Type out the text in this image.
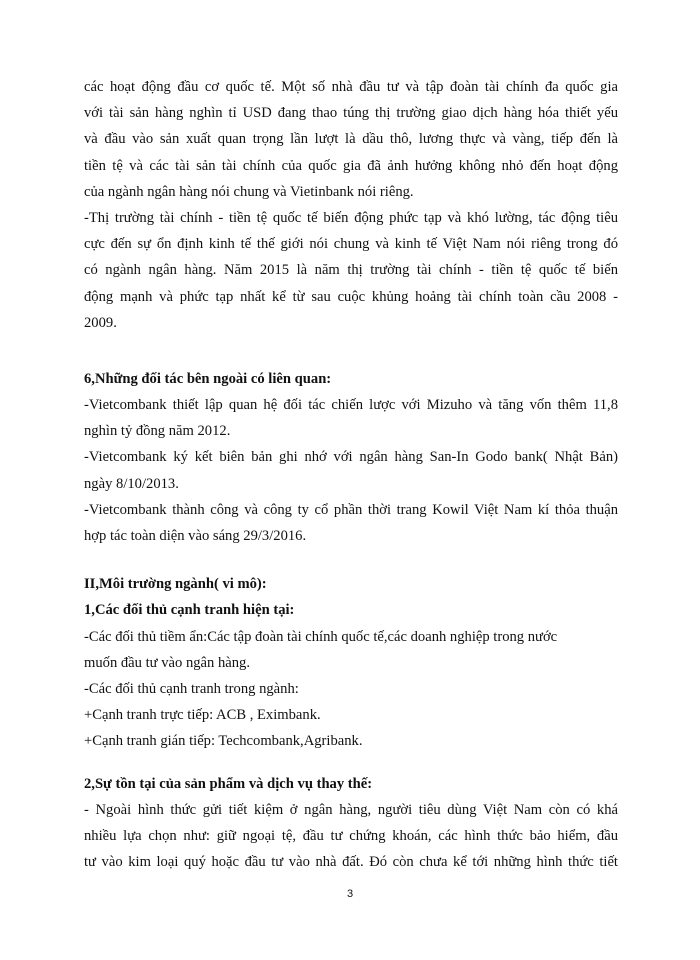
các hoạt động đầu cơ quốc tế. Một số nhà đầu tư và tập đoàn tài chính đa quốc gia
với tài sản hàng nghìn tỉ USD đang thao túng thị trường giao dịch hàng hóa thiết yếu
và đầu vào sản xuất quan trọng lần lượt là dầu thô, lương thực và vàng, tiếp đến là
tiền tệ và các tài sản tài chính của quốc gia đã ảnh hưởng không nhỏ đến hoạt động
của ngành ngân hàng nói chung và Vietinbank nói riêng.
-Thị trường tài chính - tiền tệ quốc tế biến động phức tạp và khó lường, tác động tiêu
cực đến sự ổn định kinh tế thế giới nói chung và kinh tế Việt Nam nói riêng trong đó
có ngành ngân hàng. Năm 2015 là năm thị trường tài chính - tiền tệ quốc tế biến
động mạnh và phức tạp nhất kể từ sau cuộc khủng hoảng tài chính toàn cầu 2008 -
2009.
6,Những đối tác bên ngoài có liên quan:
-Vietcombank thiết lập quan hệ đối tác chiến lược với Mizuho và tăng vốn thêm 11,8
nghìn tỷ đồng năm 2012.
-Vietcombank ký kết biên bản ghi nhớ với ngân hàng San-In Godo bank( Nhật Bản)
ngày 8/10/2013.
-Vietcombank thành công và công ty cổ phần thời trang Kowil Việt Nam kí thỏa thuận
hợp tác toàn diện vào sáng 29/3/2016.
II,Môi trường ngành( vi mô):
1,Các đối thủ cạnh tranh hiện tại:
-Các đối thủ tiềm ẩn:Các tập đoàn tài chính quốc tế,các doanh nghiệp trong nước
muốn đầu tư vào ngân hàng.
-Các đối thủ cạnh tranh trong ngành:
+Cạnh tranh trực tiếp: ACB , Eximbank.
+Cạnh tranh gián tiếp: Techcombank,Agribank.
2,Sự tồn tại của sản phẩm và dịch vụ thay thế:
- Ngoài hình thức gửi tiết kiệm ở ngân hàng, người tiêu dùng Việt Nam còn có khá
nhiều lựa chọn như: giữ ngoại tệ, đầu tư chứng khoán, các hình thức bảo hiểm, đầu
tư vào kim loại quý hoặc đầu tư vào nhà đất. Đó còn chưa kể tới những hình thức tiết
3
